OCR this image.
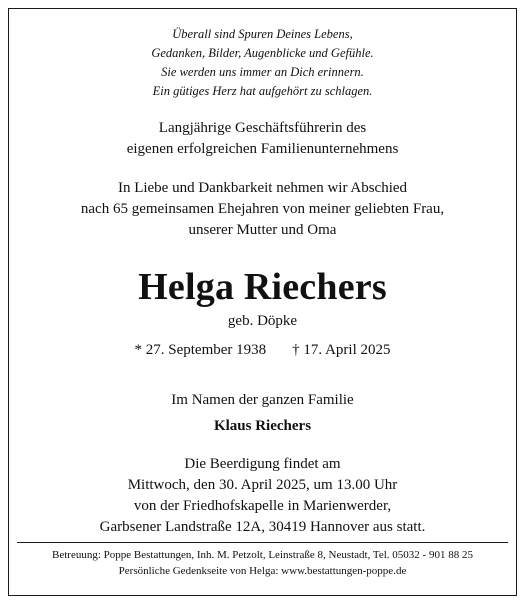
Überall sind Spuren Deines Lebens,
Gedanken, Bilder, Augenblicke und Gefühle.
Sie werden uns immer an Dich erinnern.
Ein gütiges Herz hat aufgehört zu schlagen.
Langjährige Geschäftsführerin des
eigenen erfolgreichen Familienunternehmens
In Liebe und Dankbarkeit nehmen wir Abschied
nach 65 gemeinsamen Ehejahren von meiner geliebten Frau,
unserer Mutter und Oma
Helga Riechers
geb. Döpke
* 27. September 1938 † 17. April 2025
Im Namen der ganzen Familie
Klaus Riechers
Die Beerdigung findet am
Mittwoch, den 30. April 2025, um 13.00 Uhr
von der Friedhofskapelle in Marienwerder,
Garbsener Landstraße 12A, 30419 Hannover aus statt.
Betreuung: Poppe Bestattungen, Inh. M. Petzolt, Leinstraße 8, Neustadt, Tel. 05032 - 901 88 25
Persönliche Gedenkseite von Helga: www.bestattungen-poppe.de
